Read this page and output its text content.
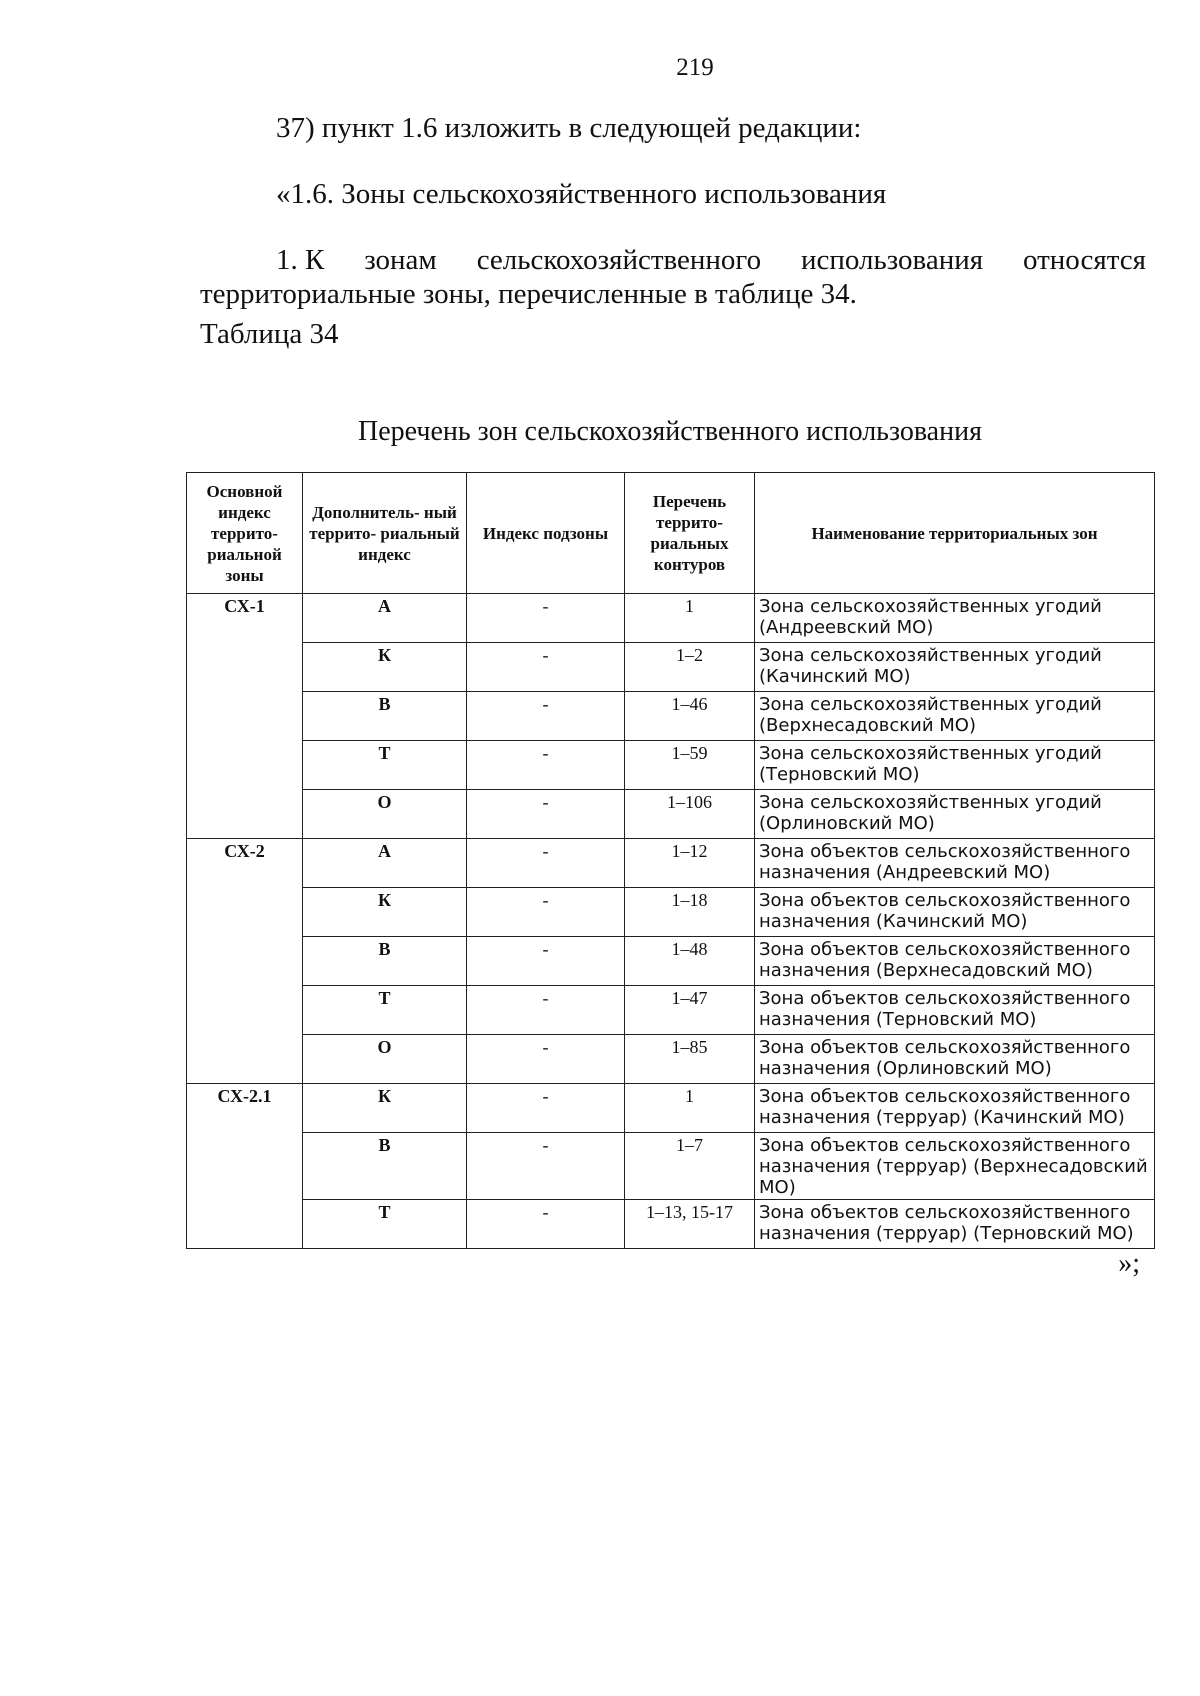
219
37) пункт 1.6 изложить в следующей редакции:
«1.6. Зоны сельскохозяйственного использования
1. К зонам сельскохозяйственного использования относятся
территориальные зоны, перечисленные в таблице 34.
Таблица 34
Перечень зон сельскохозяйственного использования
Основной индекс террито- риальной зоны	Дополнитель- ный террито- риальный индекс	Индекс подзоны	Перечень террито- риальных контуров	Наименование территориальных зон
СХ-1	А	-	1	Зона сельскохозяйственных угодий (Андреевский МО)
	К	-	1–2	Зона сельскохозяйственных угодий (Качинский МО)
	В	-	1–46	Зона сельскохозяйственных угодий (Верхнесадовский МО)
	Т	-	1–59	Зона сельскохозяйственных угодий (Терновский МО)
	О	-	1–106	Зона сельскохозяйственных угодий (Орлиновский МО)
СХ-2	А	-	1–12	Зона объектов сельскохозяйственного назначения (Андреевский МО)
	К	-	1–18	Зона объектов сельскохозяйственного назначения (Качинский МО)
	В	-	1–48	Зона объектов сельскохозяйственного назначения (Верхнесадовский МО)
	Т	-	1–47	Зона объектов сельскохозяйственного назначения (Терновский МО)
	О	-	1–85	Зона объектов сельскохозяйственного назначения (Орлиновский МО)
СХ-2.1	К	-	1	Зона объектов сельскохозяйственного назначения (терруар) (Качинский МО)
	В	-	1–7	Зона объектов сельскохозяйственного назначения (терруар) (Верхнесадовский МО)
	Т	-	1–13, 15-17	Зона объектов сельскохозяйственного назначения (терруар) (Терновский МО)
»;
